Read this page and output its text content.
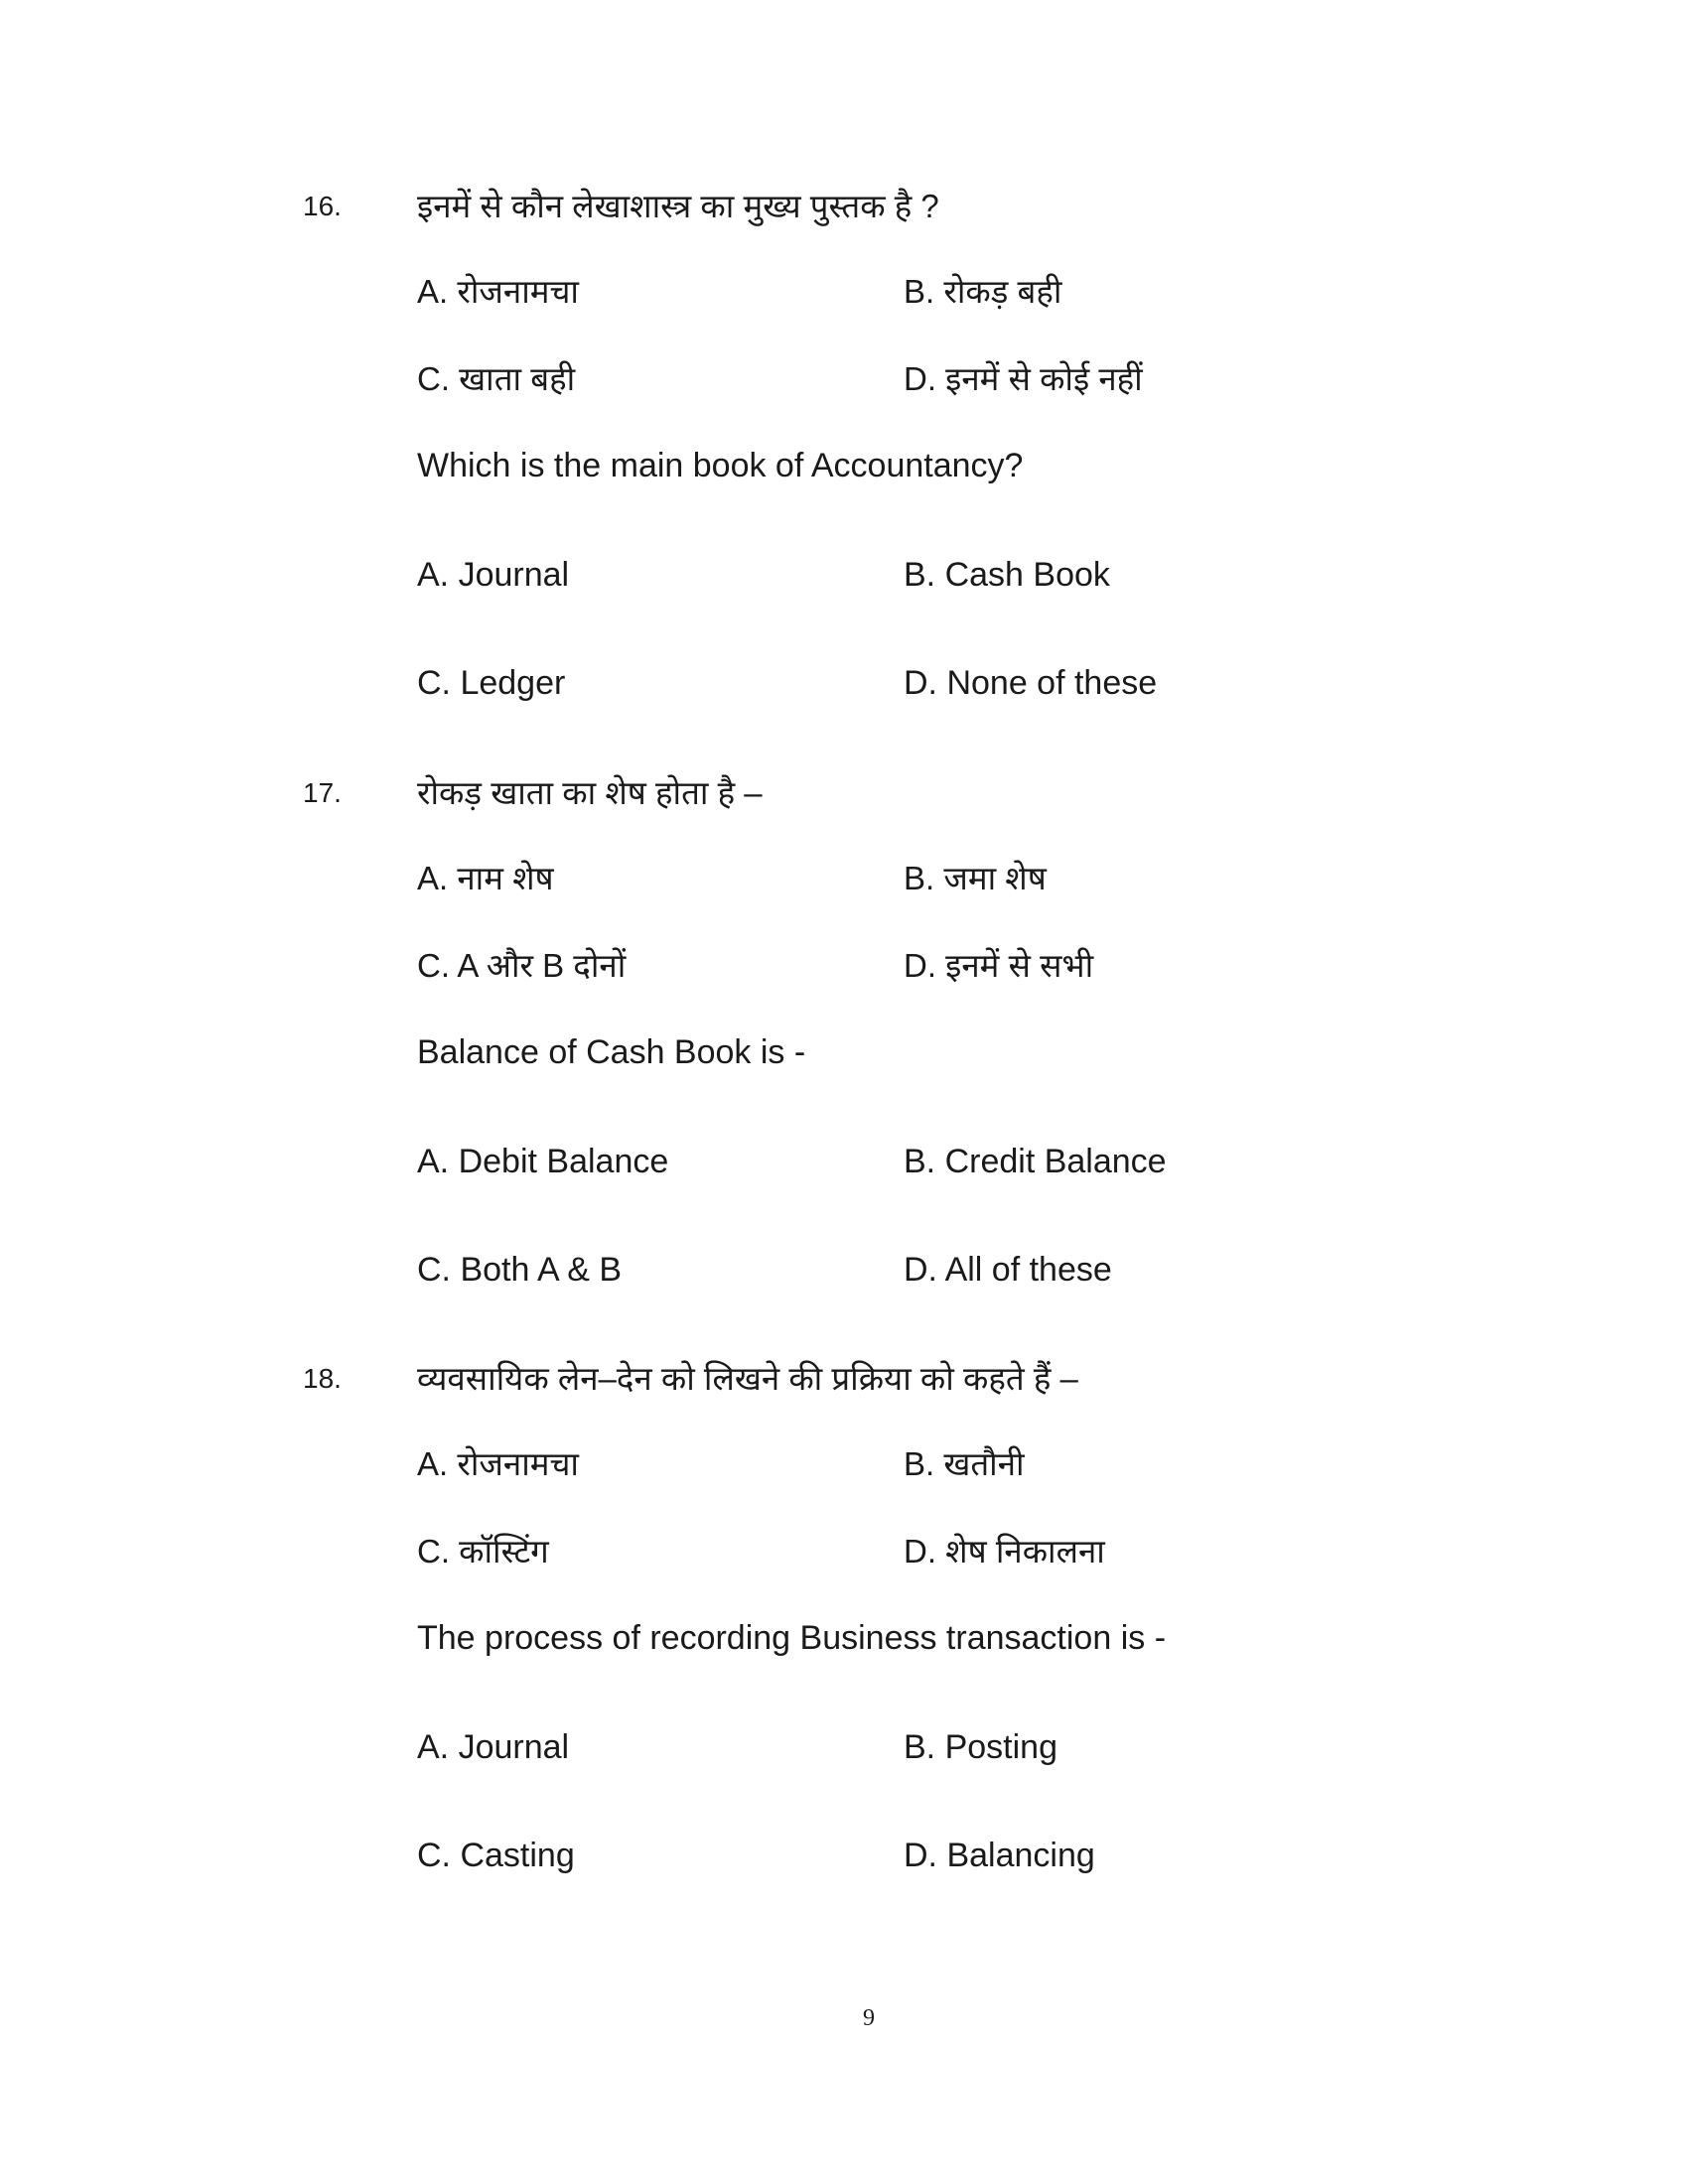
16. इनमें से कौन लेखाशास्त्र का मुख्य पुस्तक है ?
A. रोजनामचा	B. रोकड़ बही
C. खाता बही	D. इनमें से कोई नहीं
Which is the main book of Accountancy?
A. Journal	B. Cash Book
C. Ledger	D. None of these
17. रोकड़ खाता का शेष होता है –
A. नाम शेष	B. जमा शेष
C. A और B दोनों	D. इनमें से सभी
Balance of Cash Book is -
A. Debit Balance	B. Credit Balance
C. Both A & B	D. All of these
18. व्यवसायिक लेन–देन को लिखने की प्रक्रिया को कहते हैं –
A. रोजनामचा	B. खतौनी
C. कॉस्टिंग	D. शेष निकालना
The process of recording Business transaction is -
A. Journal	B. Posting
C. Casting	D. Balancing
9
